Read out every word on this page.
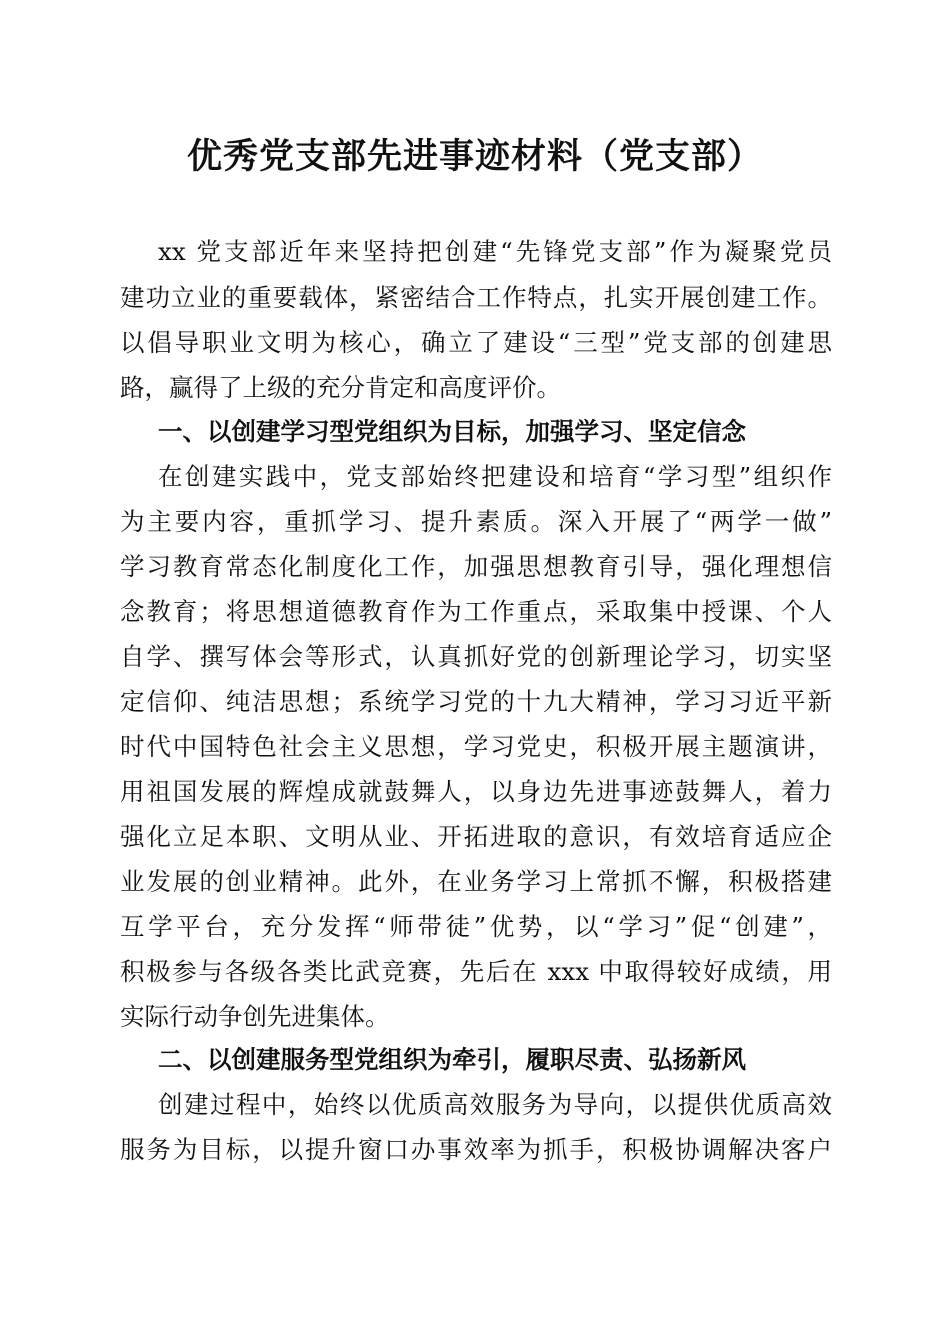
优秀党支部先进事迹材料（党支部）
xx 党支部近年来坚持把创建“先锋党支部”作为凝聚党员
建功立业的重要载体，紧密结合工作特点，扎实开展创建工作。
以倡导职业文明为核心，确立了建设“三型”党支部的创建思
路，赢得了上级的充分肯定和高度评价。
一、以创建学习型党组织为目标，加强学习、坚定信念
在创建实践中，党支部始终把建设和培育“学习型”组织作
为主要内容，重抓学习、提升素质。深入开展了“两学一做”
学习教育常态化制度化工作，加强思想教育引导，强化理想信
念教育；将思想道德教育作为工作重点，采取集中授课、个人
自学、撰写体会等形式，认真抓好党的创新理论学习，切实坚
定信仰、纯洁思想；系统学习党的十九大精神，学习习近平新
时代中国特色社会主义思想，学习党史，积极开展主题演讲，
用祖国发展的辉煌成就鼓舞人，以身边先进事迹鼓舞人，着力
强化立足本职、文明从业、开拓进取的意识，有效培育适应企
业发展的创业精神。此外，在业务学习上常抓不懈，积极搭建
互学平台，充分发挥“师带徒”优势，以“学习”促“创建”，
积极参与各级各类比武竞赛，先后在 xxx 中取得较好成绩，用
实际行动争创先进集体。
二、以创建服务型党组织为牵引，履职尽责、弘扬新风
创建过程中，始终以优质高效服务为导向，以提供优质高效
服务为目标，以提升窗口办事效率为抓手，积极协调解决客户
